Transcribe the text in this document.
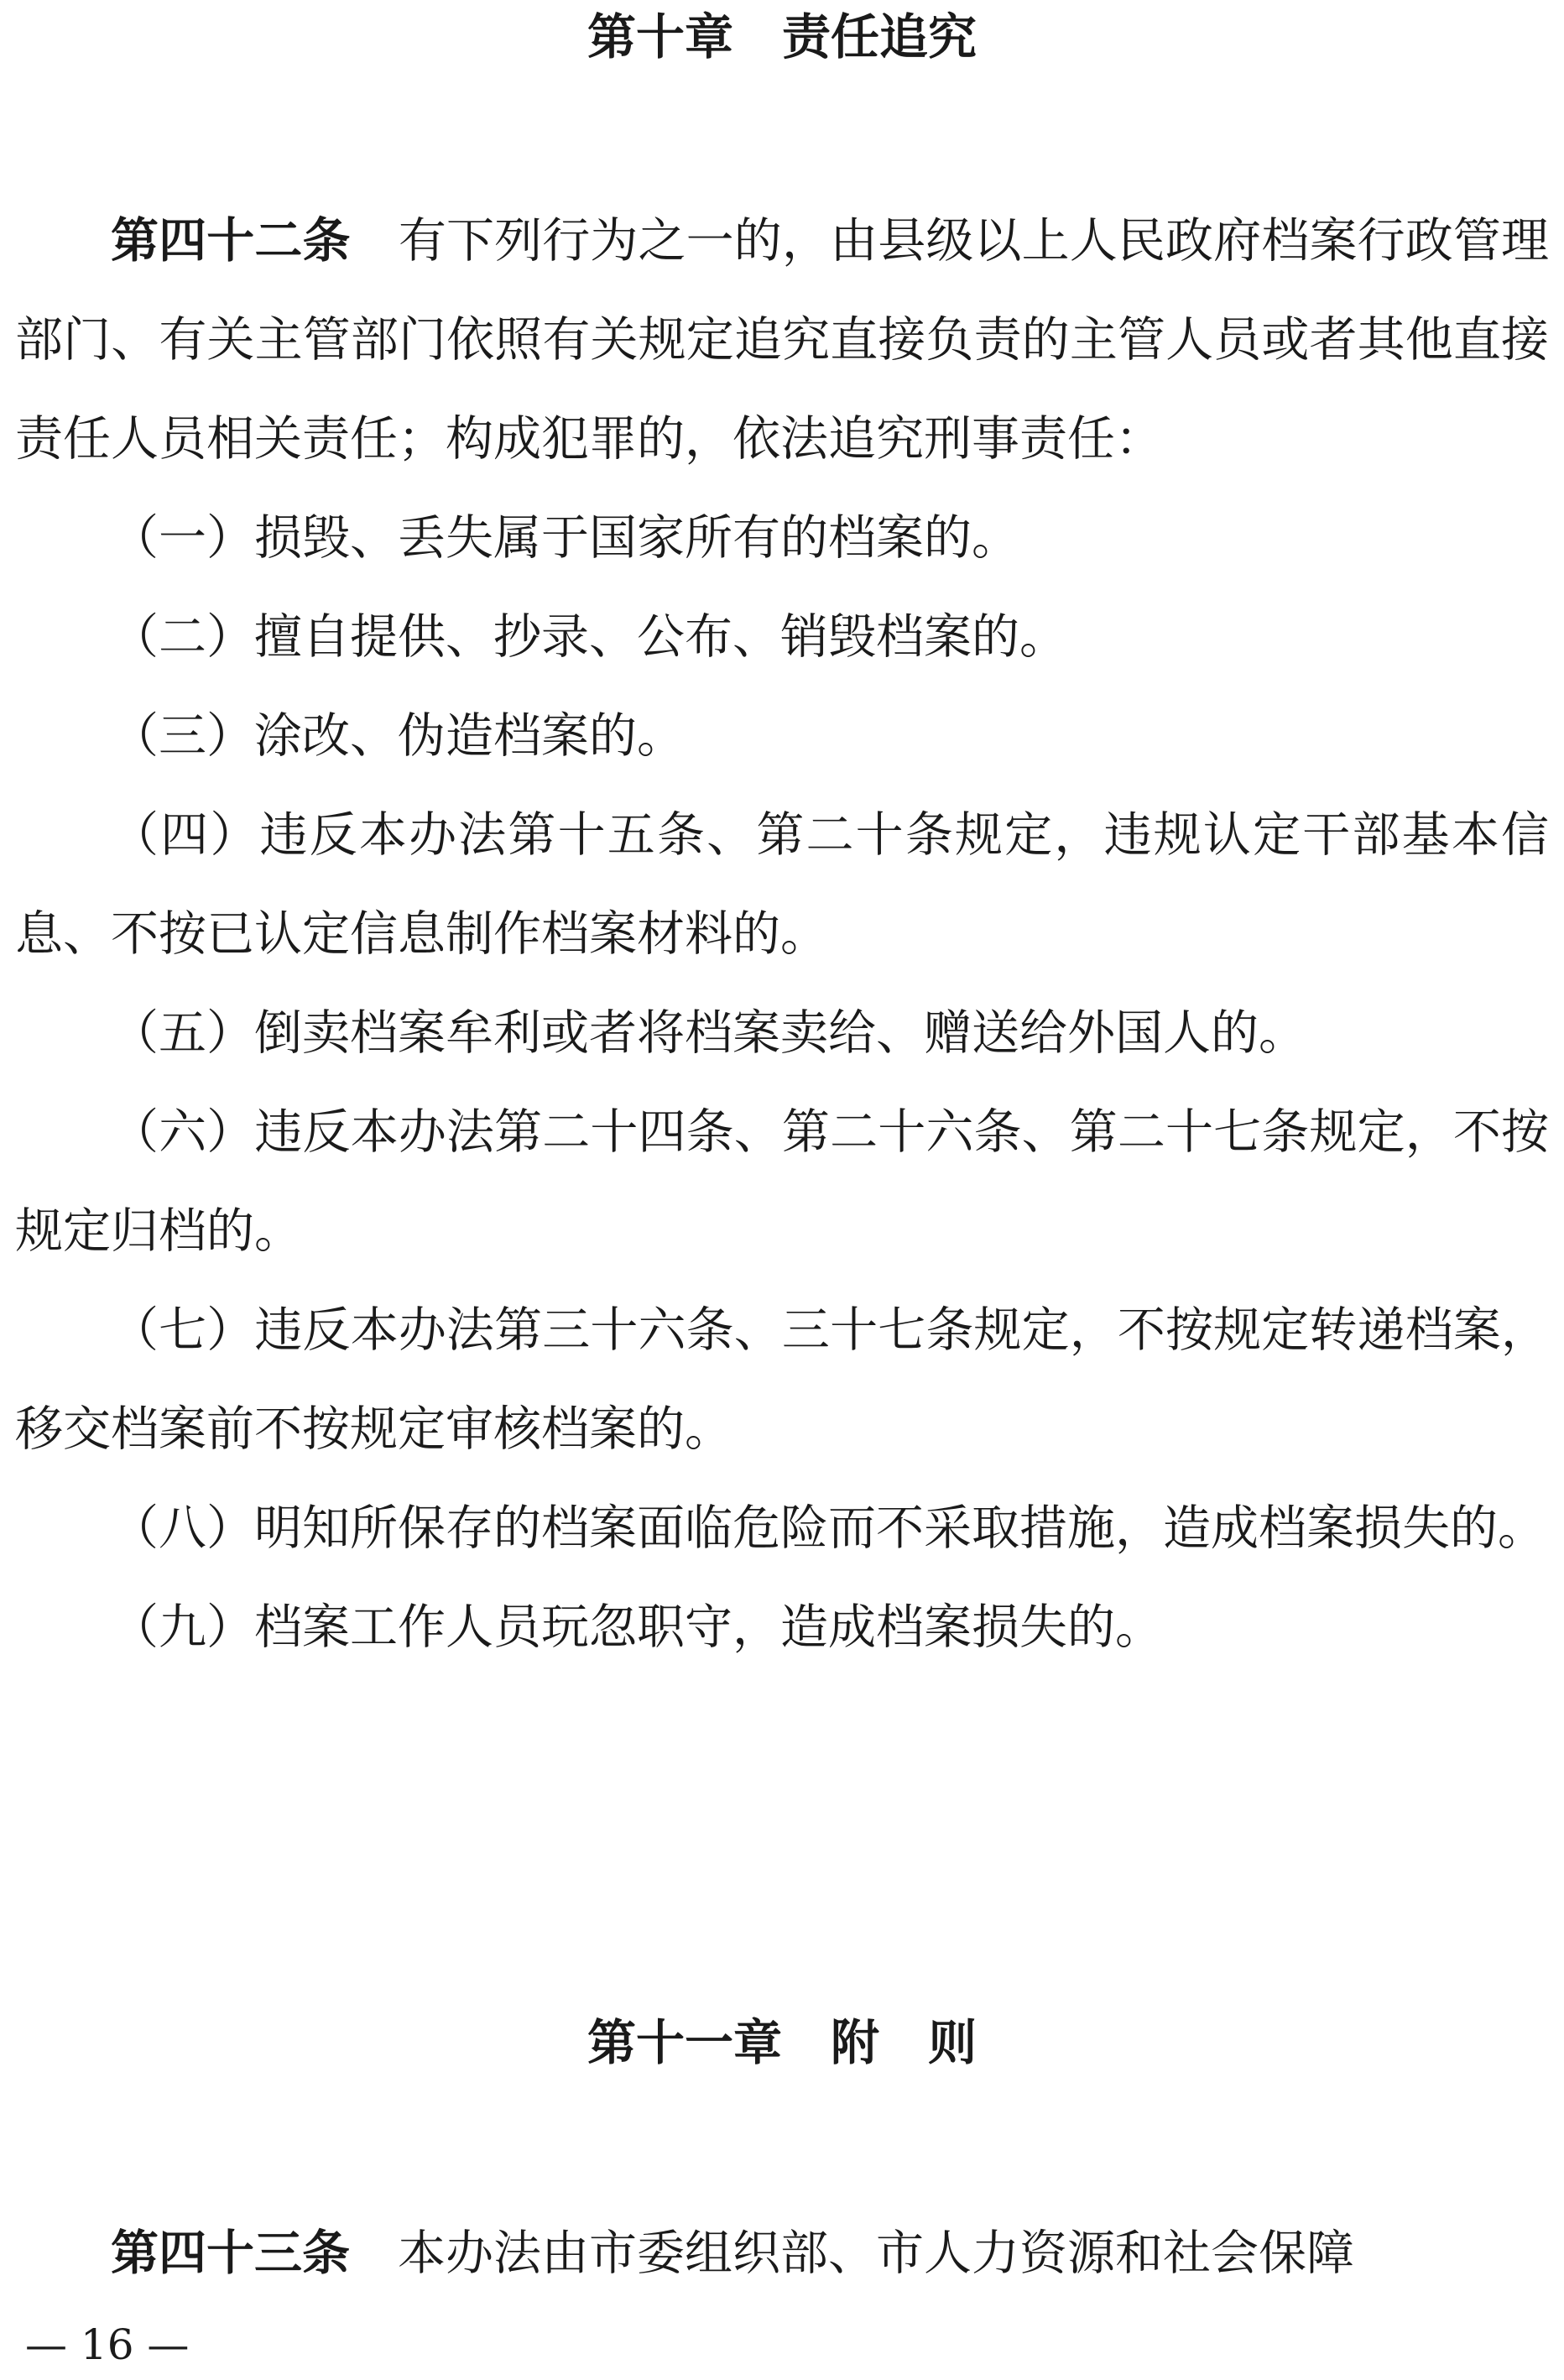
第十章　责任追究

第四十二条　有下列行为之一的，由县级以上人民政府档案行政管理部门、有关主管部门依照有关规定追究直接负责的主管人员或者其他直接责任人员相关责任；构成犯罪的，依法追究刑事责任：

（一）损毁、丢失属于国家所有的档案的。

（二）擅自提供、抄录、公布、销毁档案的。

（三）涂改、伪造档案的。

（四）违反本办法第十五条、第二十条规定，违规认定干部基本信息、不按已认定信息制作档案材料的。

（五）倒卖档案牟利或者将档案卖给、赠送给外国人的。

（六）违反本办法第二十四条、第二十六条、第二十七条规定，不按规定归档的。

（七）违反本办法第三十六条、三十七条规定，不按规定转递档案，移交档案前不按规定审核档案的。

（八）明知所保存的档案面临危险而不采取措施，造成档案损失的。

（九）档案工作人员玩忽职守，造成档案损失的。

第十一章　附　则

第四十三条　本办法由市委组织部、市人力资源和社会保障

— 16 —
